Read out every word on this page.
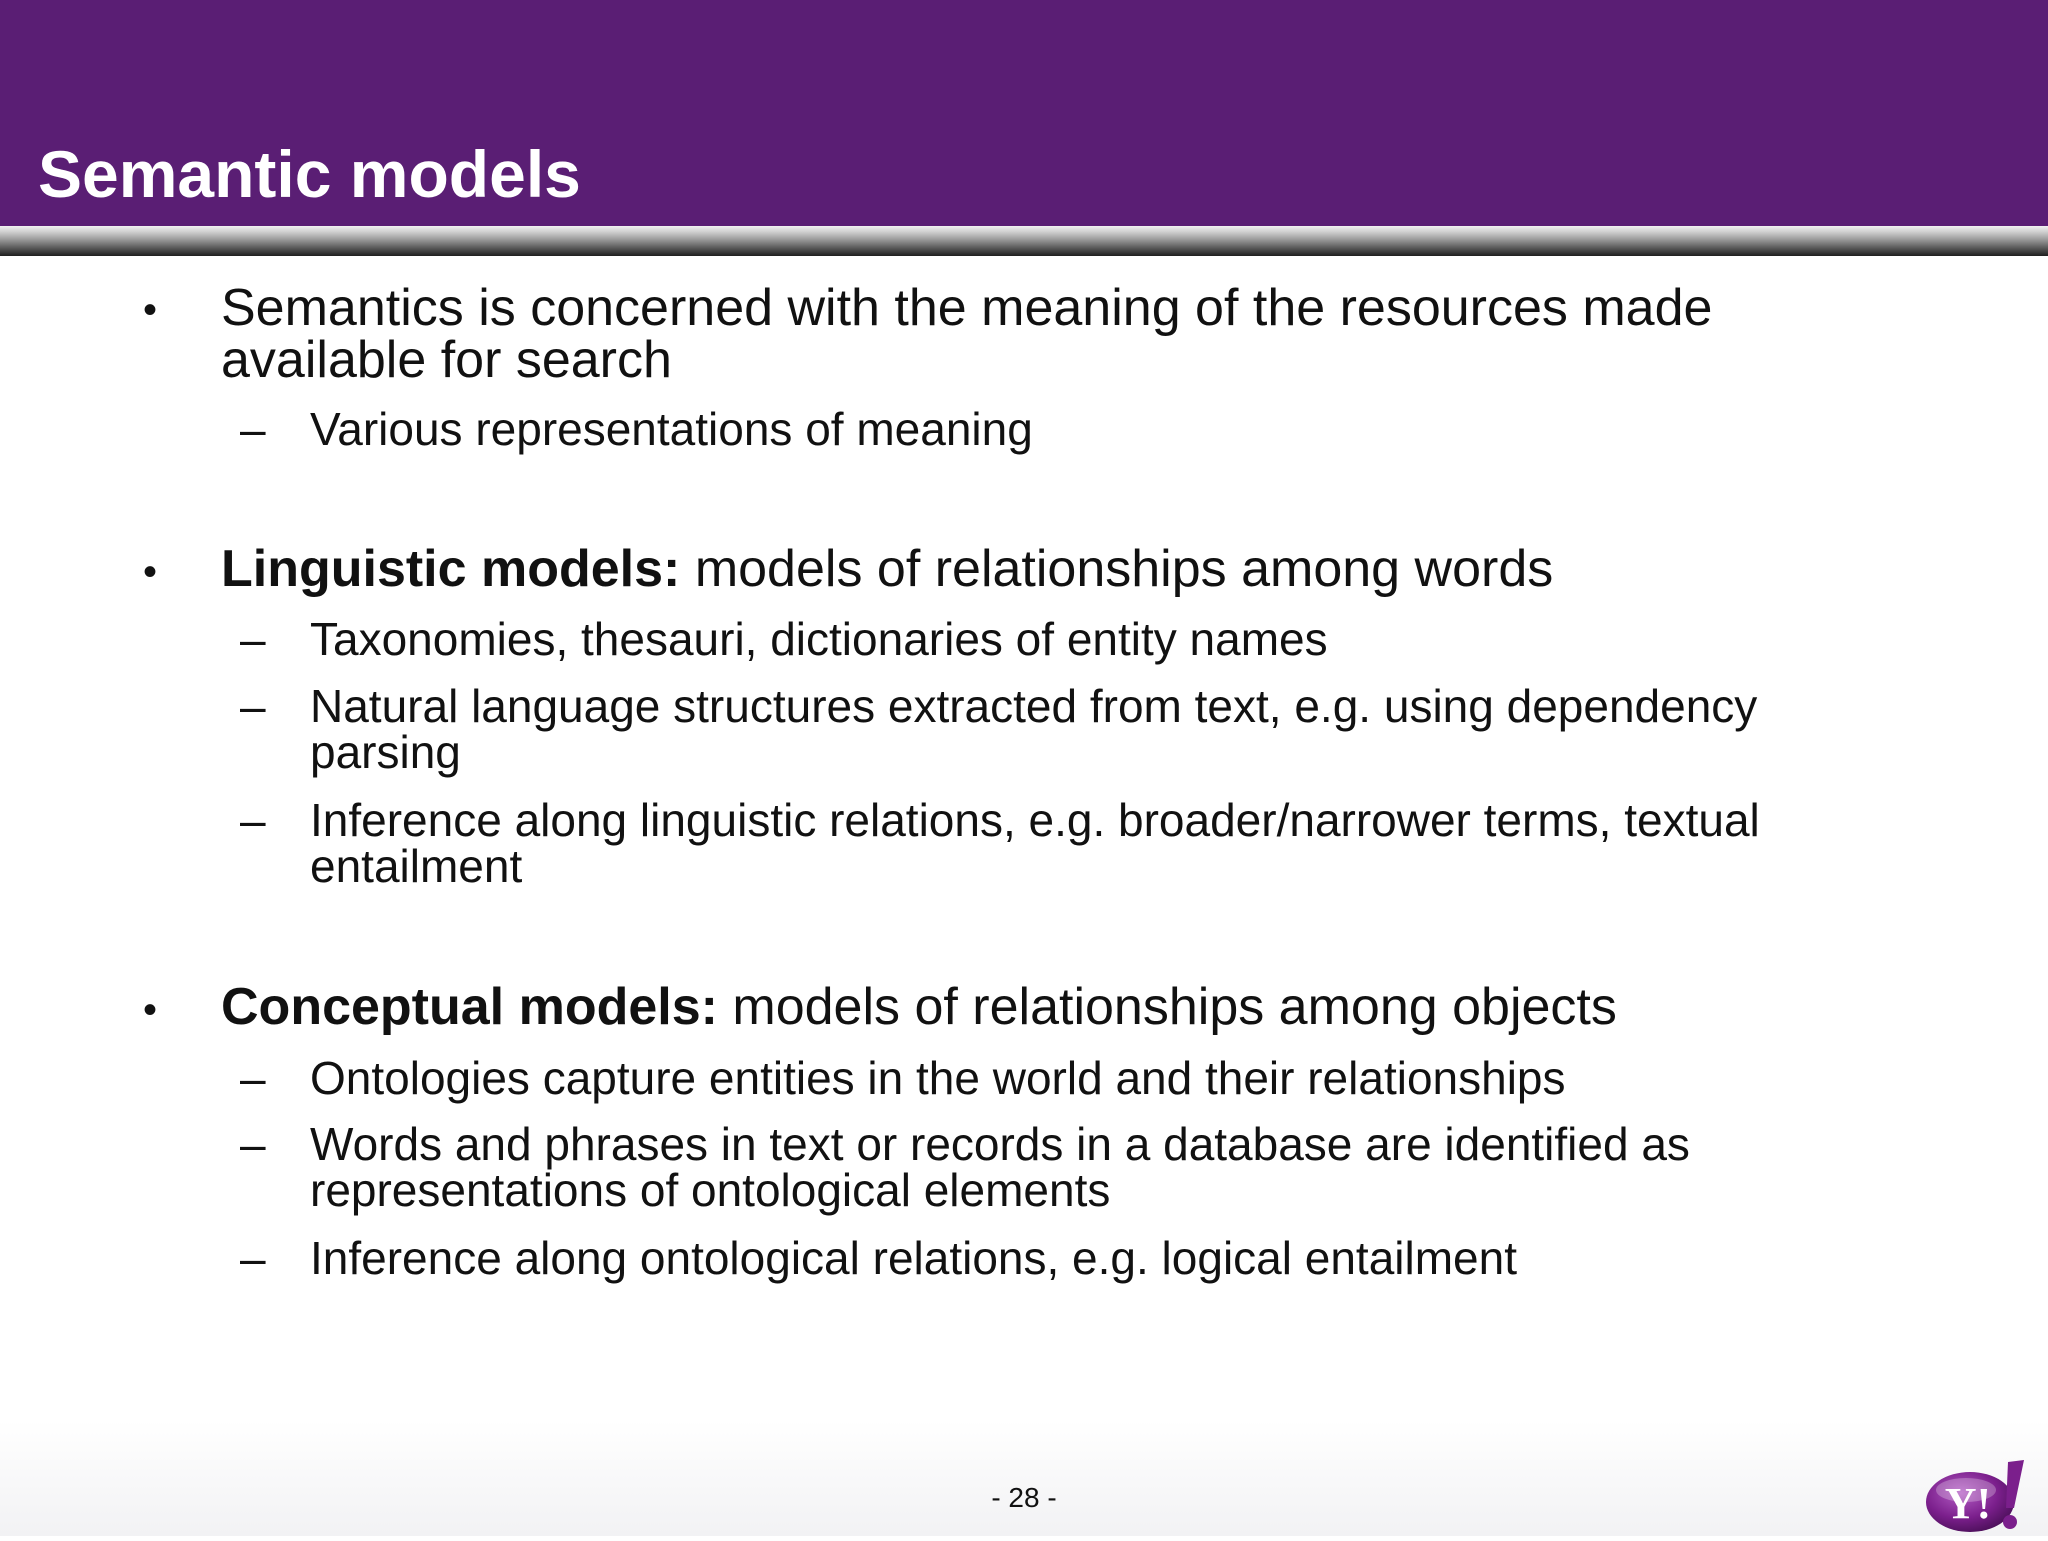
Semantic models
• Semantics is concerned with the meaning of the resources made available for search
– Various representations of meaning
• Linguistic models: models of relationships among words
– Taxonomies, thesauri, dictionaries of entity names
– Natural language structures extracted from text, e.g. using dependency parsing
– Inference along linguistic relations, e.g. broader/narrower terms, textual entailment
• Conceptual models: models of relationships among objects
– Ontologies capture entities in the world and their relationships
– Words and phrases in text or records in a database are identified as representations of ontological elements
– Inference along ontological relations, e.g. logical entailment
- 28 -	Y!
